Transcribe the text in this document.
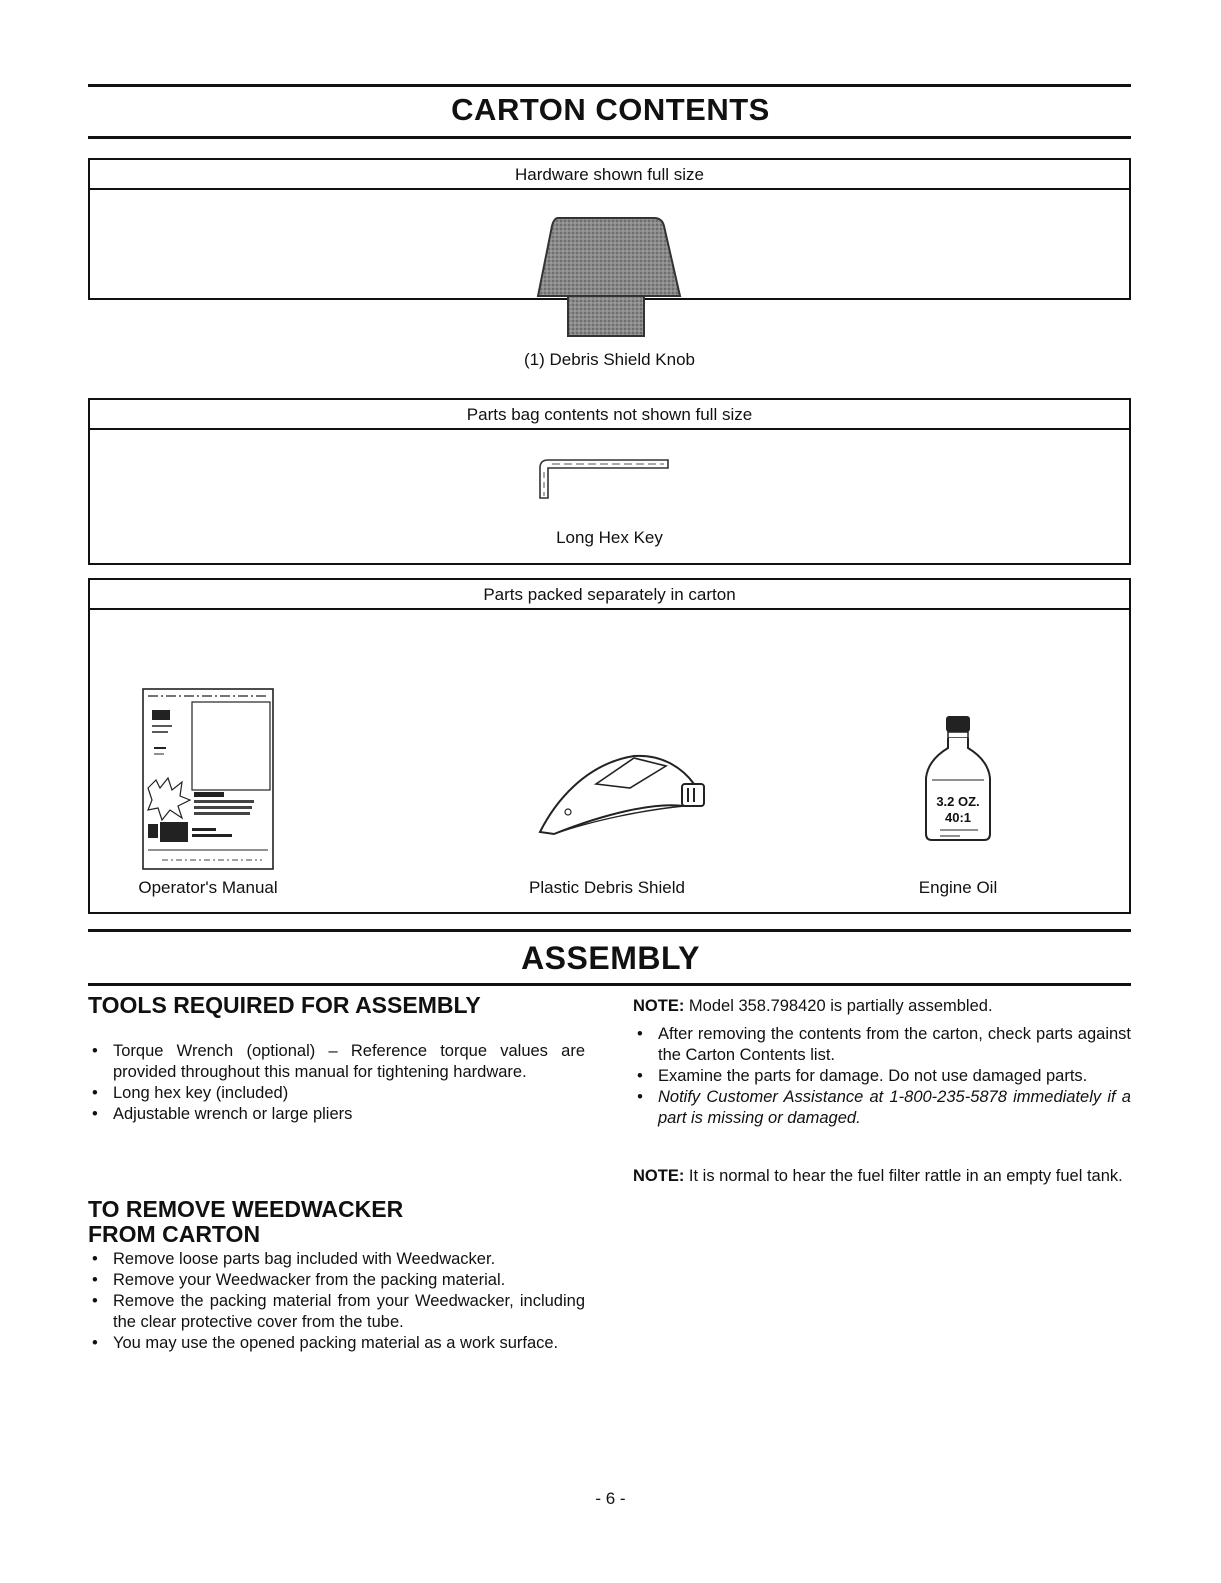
CARTON CONTENTS
Hardware shown full size
(1) Debris Shield Knob
Parts bag contents not shown full size
Long Hex Key
Parts packed separately in carton
3.2 OZ.
40:1
Operator's Manual	Plastic Debris Shield	Engine Oil
ASSEMBLY
TOOLS REQUIRED FOR ASSEMBLY
• Torque Wrench (optional) – Reference torque values are provided throughout this manual for tightening hardware.
• Long hex key (included)
• Adjustable wrench or large pliers
TO REMOVE WEEDWACKER
FROM CARTON
• Remove loose parts bag included with Weedwacker.
• Remove your Weedwacker from the packing material.
• Remove the packing material from your Weedwacker, including the clear protective cover from the tube.
• You may use the opened packing material as a work surface.
NOTE: Model 358.798420 is partially assembled.
• After removing the contents from the carton, check parts against the Carton Contents list.
• Examine the parts for damage. Do not use damaged parts.
• Notify Customer Assistance at 1-800-235-5878 immediately if a part is missing or damaged.
NOTE: It is normal to hear the fuel filter rattle in an empty fuel tank.
- 6 -
